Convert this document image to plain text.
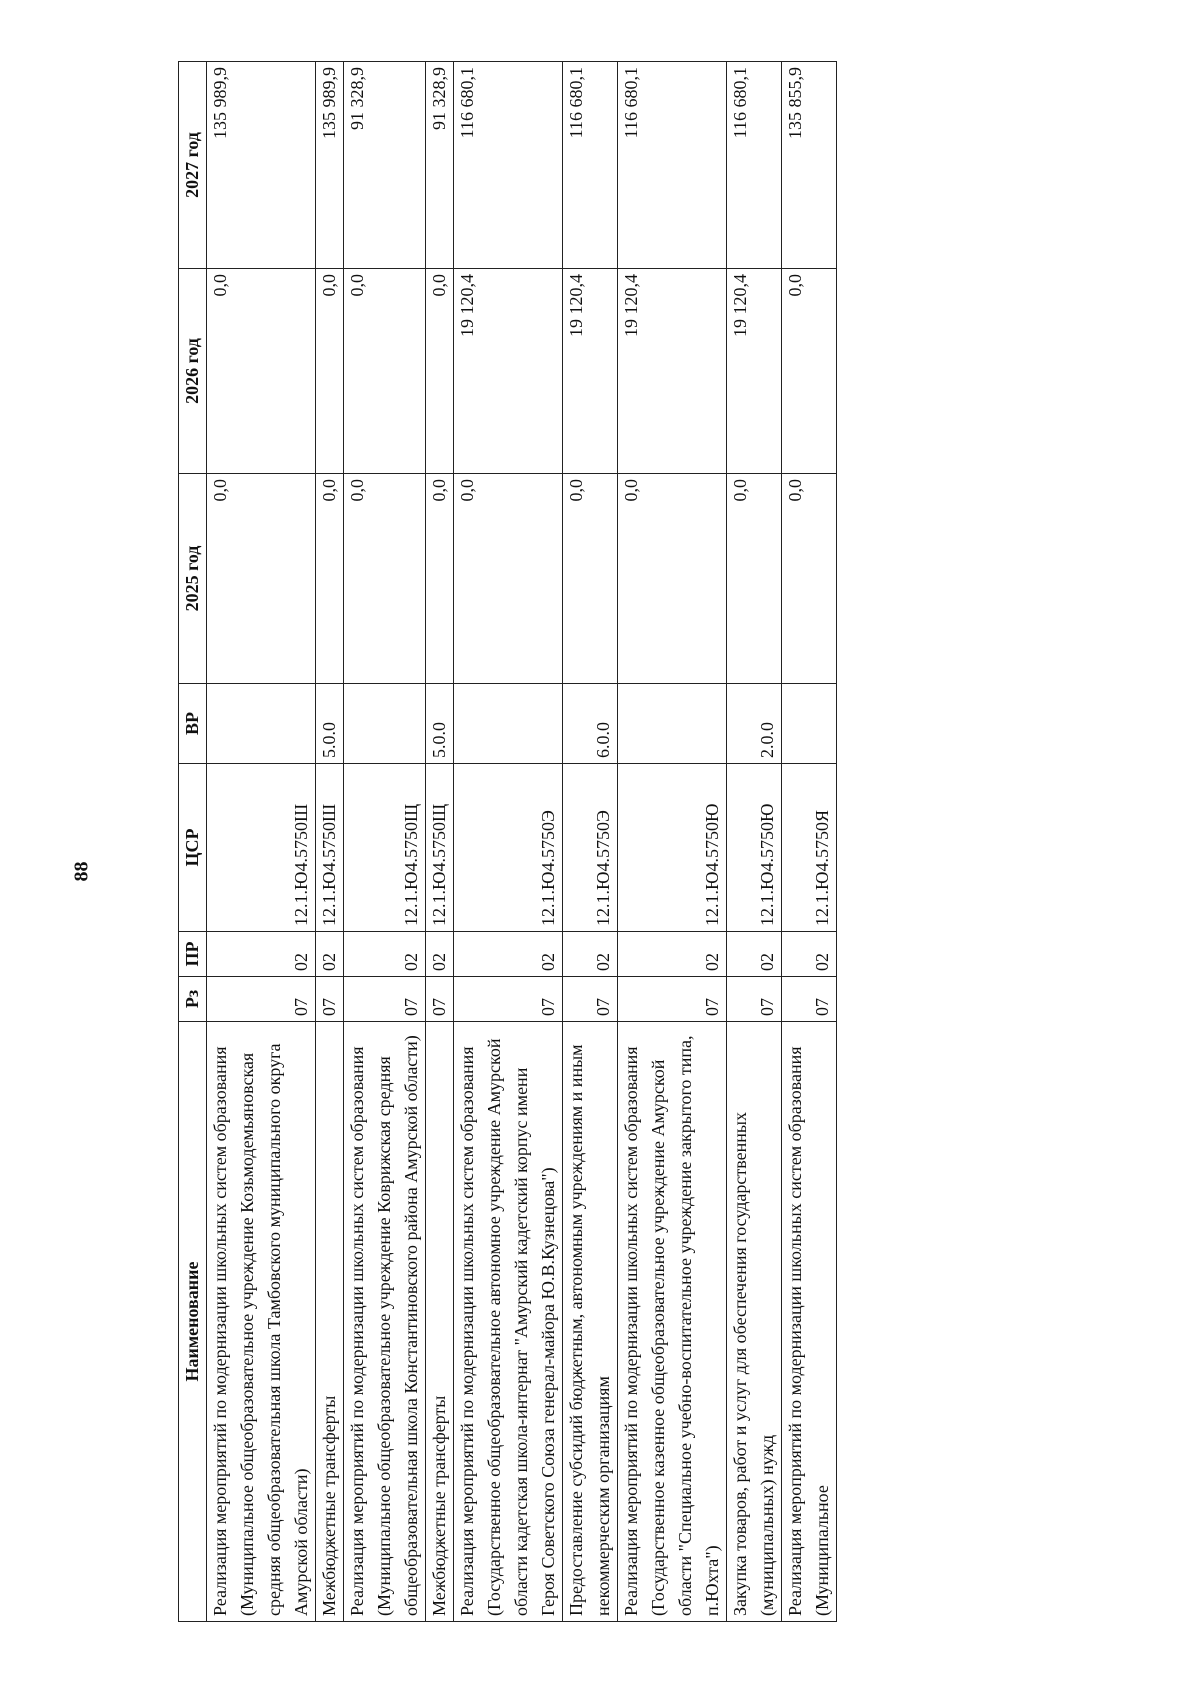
88
Наименование	Рз	ПР	ЦСР	ВР	2025 год	2026 год	2027 год
Реализация мероприятий по модернизации школьных систем образования (Муниципальное общеобразовательное учреждение Козьмодемьяновская средняя общеобразовательная школа Тамбовского муниципального округа Амурской области)	07	02	12.1.Ю4.5750Ш		0,0	0,0	135 989,9
Межбюджетные трансферты	07	02	12.1.Ю4.5750Ш	5.0.0	0,0	0,0	135 989,9
Реализация мероприятий по модернизации школьных систем образования (Муниципальное общеобразовательное учреждение Коврижская средняя общеобразовательная школа Константиновского района Амурской области)	07	02	12.1.Ю4.5750Щ		0,0	0,0	91 328,9
Межбюджетные трансферты	07	02	12.1.Ю4.5750Щ	5.0.0	0,0	0,0	91 328,9
Реализация мероприятий по модернизации школьных систем образования (Государственное общеобразовательное автономное учреждение Амурской области кадетская школа-интернат "Амурский кадетский корпус имени Героя Советского Союза генерал-майора Ю.В.Кузнецова")	07	02	12.1.Ю4.5750Э		0,0	19 120,4	116 680,1
Предоставление субсидий бюджетным, автономным учреждениям и иным некоммерческим организациям	07	02	12.1.Ю4.5750Э	6.0.0	0,0	19 120,4	116 680,1
Реализация мероприятий по модернизации школьных систем образования (Государственное казенное общеобразовательное учреждение Амурской области "Специальное учебно-воспитательное учреждение закрытого типа, п.Юхта")	07	02	12.1.Ю4.5750Ю		0,0	19 120,4	116 680,1
Закупка товаров, работ и услуг для обеспечения государственных (муниципальных) нужд	07	02	12.1.Ю4.5750Ю	2.0.0	0,0	19 120,4	116 680,1
Реализация мероприятий по модернизации школьных систем образования (Муниципальное	07	02	12.1.Ю4.5750Я		0,0	0,0	135 855,9
